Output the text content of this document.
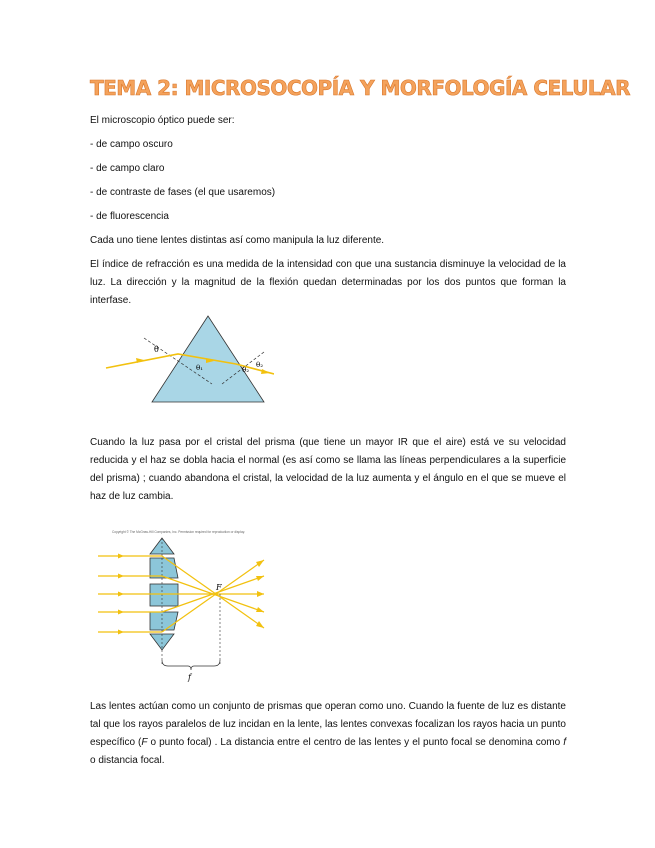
TEMA 2: MICROSOCOPÍA Y MORFOLOGÍA CELULAR
El microscopio óptico puede ser:
- de campo oscuro
- de campo claro
- de contraste de fases (el que usaremos)
- de fluorescencia
Cada uno tiene lentes distintas así como manipula la luz diferente.
El índice de refracción es una medida de la intensidad con que una sustancia disminuye la velocidad de la luz. La dirección y la magnitud de la flexión quedan determinadas por los dos puntos que forman la interfase.
θ
θ₁	θ₂
θ₂
Cuando la luz pasa por el cristal del prisma (que tiene un mayor IR que el aire) está ve su velocidad reducida y el haz se dobla hacia el normal (es así como se llama las líneas perpendiculares a la superficie del prisma) ; cuando abandona el cristal, la velocidad de la luz aumenta y el ángulo en el que se mueve el haz de luz cambia.
Copyright © The McGraw-Hill Companies, Inc. Permission required for reproduction or display.
F
f
Las lentes actúan como un conjunto de prismas que operan como uno. Cuando la fuente de luz es distante tal que los rayos paralelos de luz incidan en la lente, las lentes convexas focalizan los rayos hacia un punto específico (F o punto focal) . La distancia entre el centro de las lentes y el punto focal se denomina como f o distancia focal.
